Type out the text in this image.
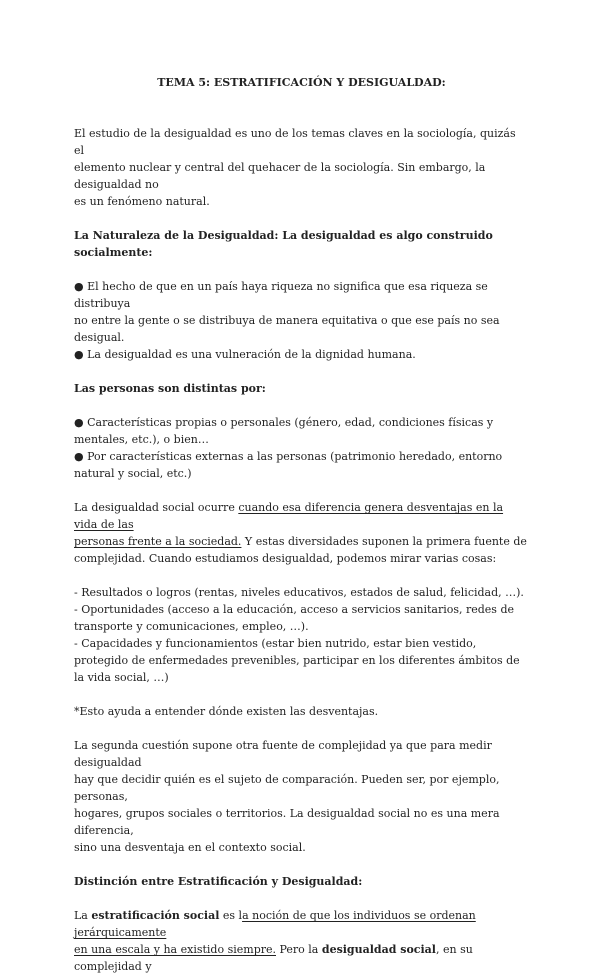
TEMA 5: ESTRATIFICACIÓN Y DESIGUALDAD:

El estudio de la desigualdad es uno de los temas claves en la sociología, quizás el

elemento nuclear y central del quehacer de la sociología. Sin embargo, la desigualdad no

es un fenómeno natural.

La Naturaleza de la Desigualdad: La desigualdad es algo construido socialmente:

● El hecho de que en un país haya riqueza no significa que esa riqueza se distribuya

no entre la gente o se distribuya de manera equitativa o que ese país no sea

desigual.

● La desigualdad es una vulneración de la dignidad humana.

Las personas son distintas por:

● Características propias o personales (género, edad, condiciones físicas y

mentales, etc.), o bien…

● Por características externas a las personas (patrimonio heredado, entorno

natural y social, etc.)

La desigualdad social ocurre cuando esa diferencia genera desventajas en la vida de las

personas frente a la sociedad. Y estas diversidades suponen la primera fuente de

complejidad. Cuando estudiamos desigualdad, podemos mirar varias cosas:

- Resultados o logros (rentas, niveles educativos, estados de salud, felicidad, …).

- Oportunidades (acceso a la educación, acceso a servicios sanitarios, redes de

transporte y comunicaciones, empleo, …).

- Capacidades y funcionamientos (estar bien nutrido, estar bien vestido,

protegido de enfermedades prevenibles, participar en los diferentes ámbitos de

la vida social, …)

*Esto ayuda a entender dónde existen las desventajas.

La segunda cuestión supone otra fuente de complejidad ya que para medir desigualdad

hay que decidir quién es el sujeto de comparación. Pueden ser, por ejemplo, personas,

hogares, grupos sociales o territorios. La desigualdad social no es una mera diferencia,

sino una desventaja en el contexto social.

Distinción entre Estratificación y Desigualdad:

La estratificación social es la noción de que los individuos se ordenan jerárquicamente

en una escala y ha existido siempre. Pero la desigualdad social, en su complejidad y
